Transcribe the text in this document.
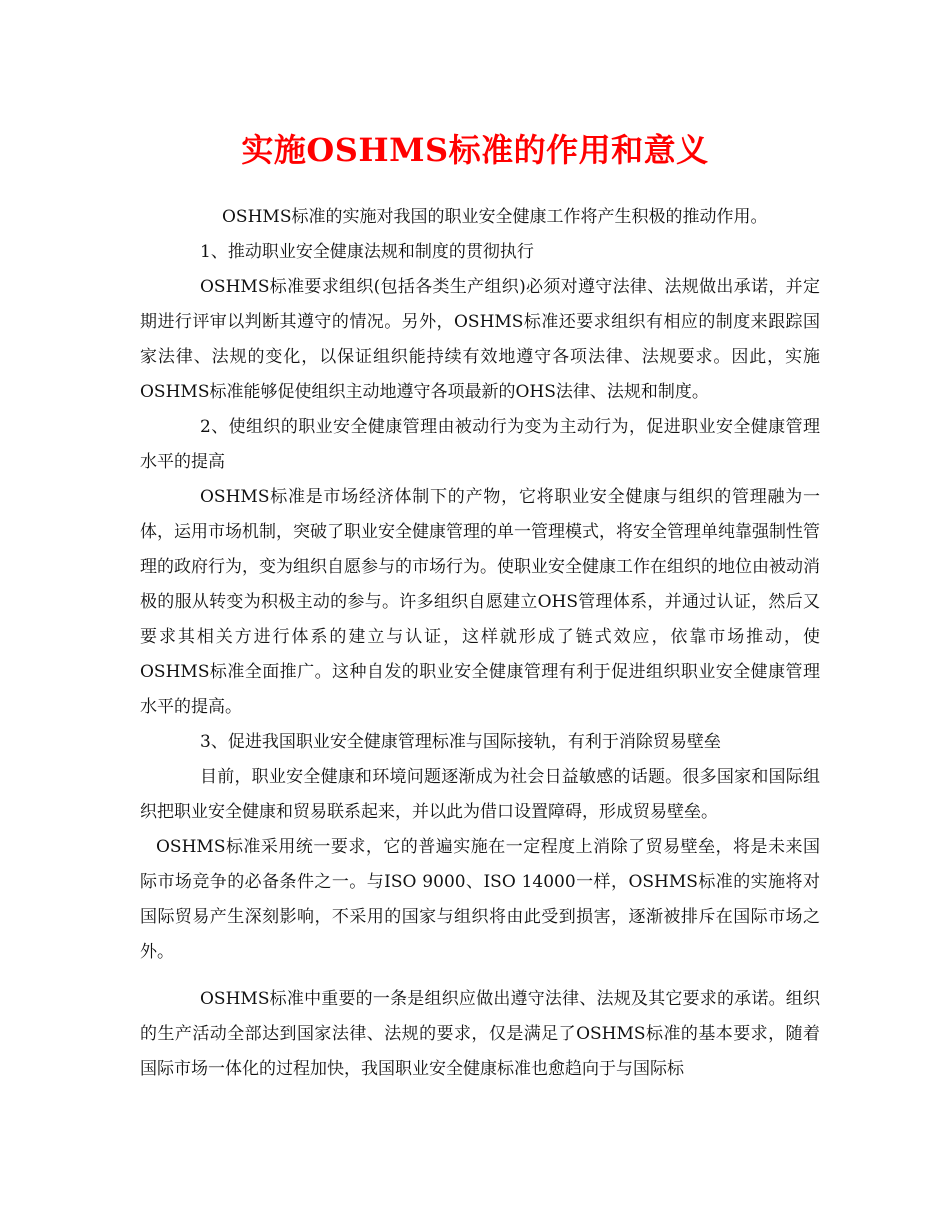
实施OSHMS标准的作用和意义

OSHMS标准的实施对我国的职业安全健康工作将产生积极的推动作用。

1、推动职业安全健康法规和制度的贯彻执行

OSHMS标准要求组织(包括各类生产组织)必须对遵守法律、法规做出承诺，并定期进行评审以判断其遵守的情况。另外，OSHMS标准还要求组织有相应的制度来跟踪国家法律、法规的变化，以保证组织能持续有效地遵守各项法律、法规要求。因此，实施OSHMS标准能够促使组织主动地遵守各项最新的OHS法律、法规和制度。

2、使组织的职业安全健康管理由被动行为变为主动行为，促进职业安全健康管理水平的提高

OSHMS标准是市场经济体制下的产物，它将职业安全健康与组织的管理融为一体，运用市场机制，突破了职业安全健康管理的单一管理模式，将安全管理单纯靠强制性管理的政府行为，变为组织自愿参与的市场行为。使职业安全健康工作在组织的地位由被动消极的服从转变为积极主动的参与。许多组织自愿建立OHS管理体系，并通过认证，然后又要求其相关方进行体系的建立与认证，这样就形成了链式效应，依靠市场推动，使OSHMS标准全面推广。这种自发的职业安全健康管理有利于促进组织职业安全健康管理水平的提高。

3、促进我国职业安全健康管理标准与国际接轨，有利于消除贸易壁垒

目前，职业安全健康和环境问题逐渐成为社会日益敏感的话题。很多国家和国际组织把职业安全健康和贸易联系起来，并以此为借口设置障碍，形成贸易壁垒。

OSHMS标准采用统一要求，它的普遍实施在一定程度上消除了贸易壁垒，将是未来国际市场竞争的必备条件之一。与ISO 9000、ISO 14000一样，OSHMS标准的实施将对国际贸易产生深刻影响，不采用的国家与组织将由此受到损害，逐渐被排斥在国际市场之外。

OSHMS标准中重要的一条是组织应做出遵守法律、法规及其它要求的承诺。组织的生产活动全部达到国家法律、法规的要求，仅是满足了OSHMS标准的基本要求，随着国际市场一体化的过程加快，我国职业安全健康标准也愈趋向于与国际标
